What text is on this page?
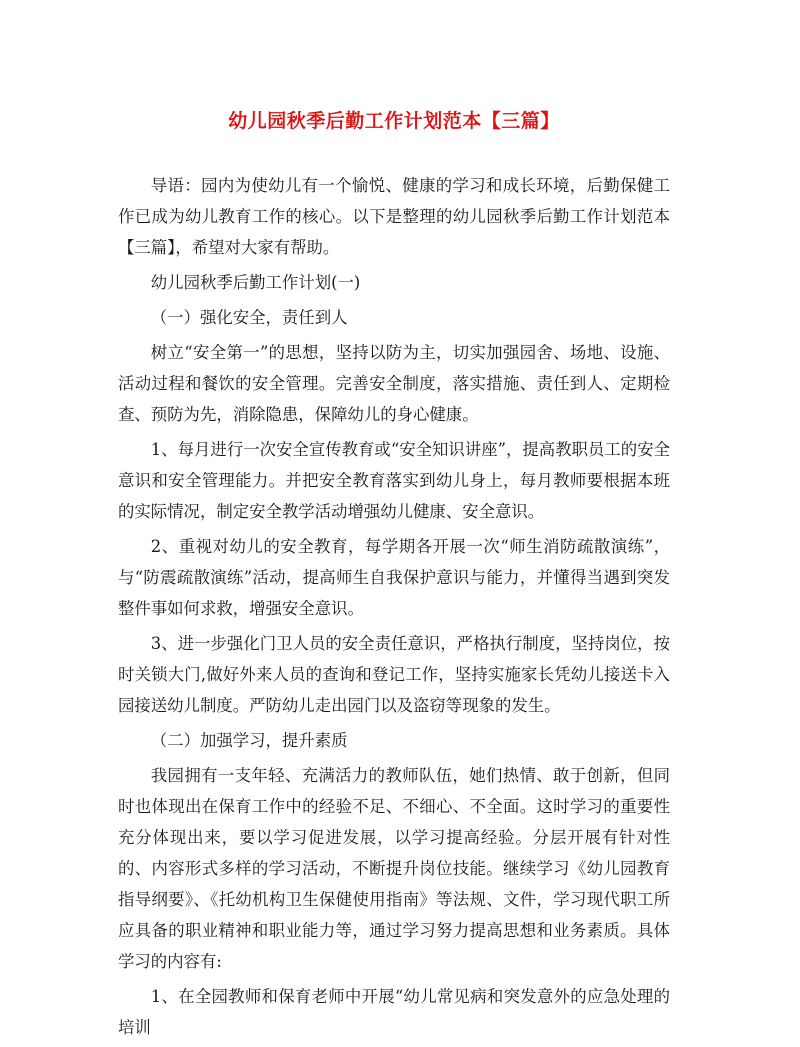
幼儿园秋季后勤工作计划范本【三篇】

导语：园内为使幼儿有一个愉悦、健康的学习和成长环境，后勤保健工作已成为幼儿教育工作的核心。以下是整理的幼儿园秋季后勤工作计划范本【三篇】，希望对大家有帮助。

幼儿园秋季后勤工作计划(一)

（一）强化安全，责任到人

树立“安全第一”的思想，坚持以防为主，切实加强园舍、场地、设施、活动过程和餐饮的安全管理。完善安全制度，落实措施、责任到人、定期检查、预防为先，消除隐患，保障幼儿的身心健康。

1、每月进行一次安全宣传教育或“安全知识讲座”，提高教职员工的安全意识和安全管理能力。并把安全教育落实到幼儿身上，每月教师要根据本班的实际情况，制定安全教学活动增强幼儿健康、安全意识。

2、重视对幼儿的安全教育，每学期各开展一次“师生消防疏散演练”，与“防震疏散演练”活动，提高师生自我保护意识与能力，并懂得当遇到突发整件事如何求救，增强安全意识。

3、进一步强化门卫人员的安全责任意识，严格执行制度，坚持岗位，按时关锁大门,做好外来人员的查询和登记工作，坚持实施家长凭幼儿接送卡入园接送幼儿制度。严防幼儿走出园门以及盗窃等现象的发生。

（二）加强学习，提升素质

我园拥有一支年轻、充满活力的教师队伍，她们热情、敢于创新，但同时也体现出在保育工作中的经验不足、不细心、不全面。这时学习的重要性充分体现出来，要以学习促进发展，以学习提高经验。分层开展有针对性的、内容形式多样的学习活动，不断提升岗位技能。继续学习《幼儿园教育指导纲要》、《托幼机构卫生保健使用指南》等法规、文件，学习现代职工所应具备的职业精神和职业能力等，通过学习努力提高思想和业务素质。具体学习的内容有:

1、在全园教师和保育老师中开展“幼儿常见病和突发意外的应急处理的培训
